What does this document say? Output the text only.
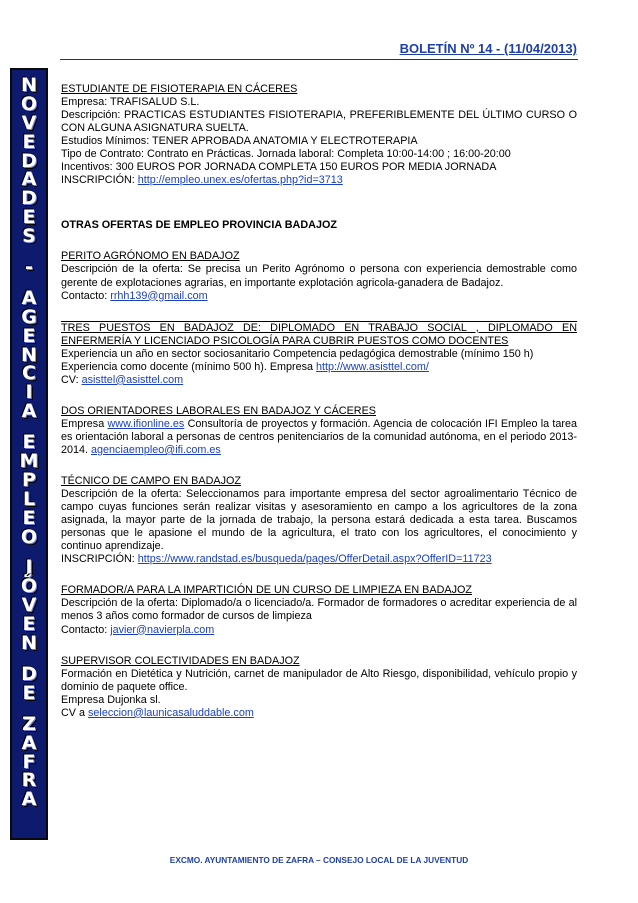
BOLETÍN Nº 14 - (11/04/2013)
N
O
V
E
D
A
D
E
S
-
A
G
E
N
C
I
A
E
M
P
L
E
O
J
Ó
V
E
N
D
E
Z
A
F
R
A
ESTUDIANTE DE FISIOTERAPIA EN CÁCERES
Empresa: TRAFISALUD S.L.
Descripción: PRACTICAS ESTUDIANTES FISIOTERAPIA, PREFERIBLEMENTE DEL ÚLTIMO CURSO O CON ALGUNA ASIGNATURA SUELTA.
Estudios Mínimos: TENER APROBADA ANATOMIA Y ELECTROTERAPIA
Tipo de Contrato: Contrato en Prácticas. Jornada laboral: Completa 10:00-14:00 ; 16:00-20:00
Incentivos: 300 EUROS POR JORNADA COMPLETA 150 EUROS POR MEDIA JORNADA
INSCRIPCIÓN: http://empleo.unex.es/ofertas.php?id=3713
OTRAS OFERTAS DE EMPLEO PROVINCIA BADAJOZ
PERITO AGRÓNOMO EN BADAJOZ
Descripción de la oferta: Se precisa un Perito Agrónomo o persona con experiencia demostrable como gerente de explotaciones agrarias, en importante explotación agricola-ganadera de Badajoz.
Contacto: rrhh139@gmail.com
TRES PUESTOS EN BADAJOZ DE: DIPLOMADO EN TRABAJO SOCIAL , DIPLOMADO EN ENFERMERÍA Y LICENCIADO PSICOLOGÍA PARA CUBRIR PUESTOS COMO DOCENTES
Experiencia un año en sector sociosanitario Competencia pedagógica demostrable (mínimo 150 h)
Experiencia como docente (mínimo 500 h). Empresa http://www.asisttel.com/
CV: asisttel@asisttel.com
DOS ORIENTADORES LABORALES EN BADAJOZ Y CÁCERES
Empresa www.ifionline.es Consultoría de proyectos y formación. Agencia de colocación IFI Empleo la tarea es orientación laboral a personas de centros penitenciarios de la comunidad autónoma, en el periodo 2013-2014. agenciaempleo@ifi.com.es
TÉCNICO DE CAMPO EN BADAJOZ
Descripción de la oferta: Seleccionamos para importante empresa del sector agroalimentario Técnico de campo cuyas funciones serán realizar visitas y asesoramiento en campo a los agricultores de la zona asignada, la mayor parte de la jornada de trabajo, la persona estará dedicada a esta tarea. Buscamos personas que le apasione el mundo de la agricultura, el trato con los agricultores, el conocimiento y continuo aprendizaje.
INSCRIPCIÓN: https://www.randstad.es/busqueda/pages/OfferDetail.aspx?OfferID=11723
FORMADOR/A PARA LA IMPARTICIÓN DE UN CURSO DE LIMPIEZA EN BADAJOZ
Descripción de la oferta: Diplomado/a o licenciado/a. Formador de formadores o acreditar experiencia de al menos 3 años como formador de cursos de limpieza
Contacto: javier@navierpla.com
SUPERVISOR COLECTIVIDADES EN BADAJOZ
Formación en Dietética y Nutrición, carnet de manipulador de Alto Riesgo, disponibilidad, vehículo propio y dominio de paquete office.
Empresa Dujonka sl.
CV a seleccion@launicasaluddable.com
EXCMO. AYUNTAMIENTO DE ZAFRA – CONSEJO LOCAL DE LA JUVENTUD
